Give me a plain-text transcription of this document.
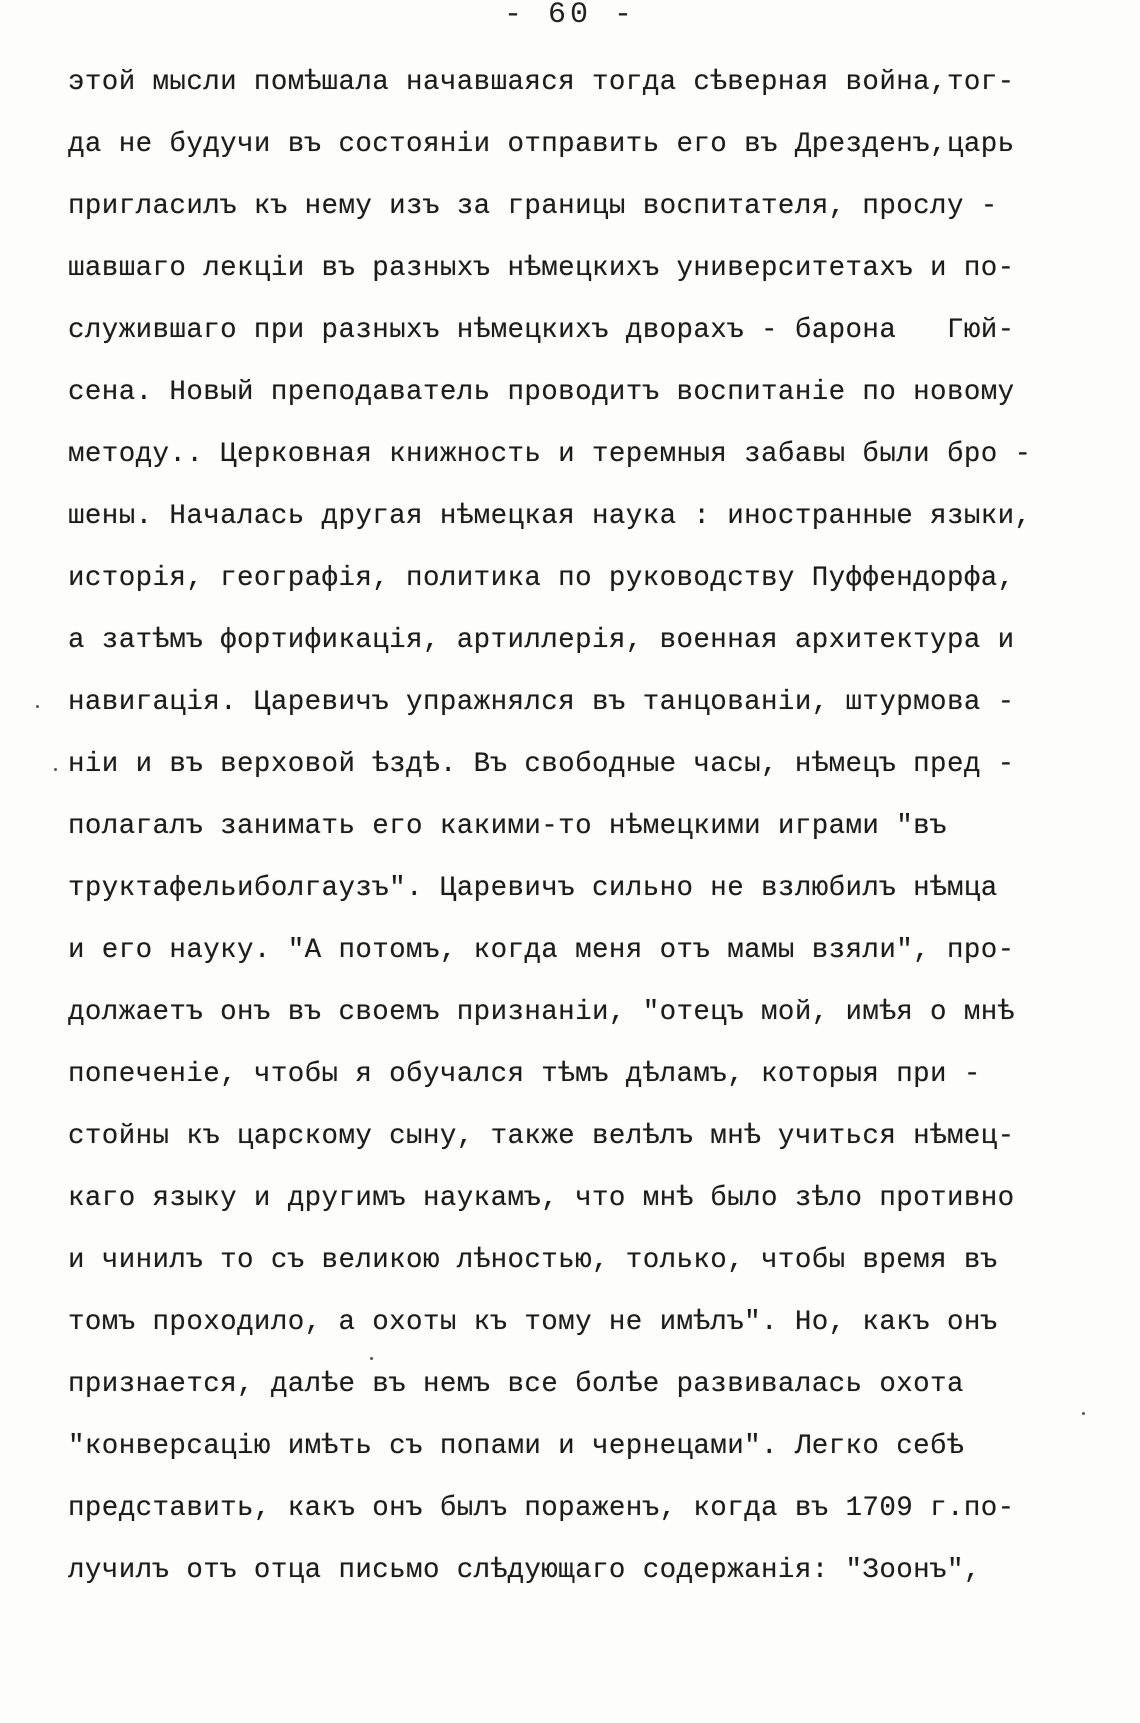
- 60 -
этой мысли помѣшала начавшаяся тогда сѣверная война,тог-
да не будучи въ состояніи отправить его въ Дрезденъ,царь
пригласилъ къ нему изъ за границы воспитателя, прослу -
шавшаго лекціи въ разныхъ нѣмецкихъ университетахъ и по-
служившаго при разныхъ нѣмецкихъ дворахъ - барона   Гюй-
сена. Новый преподаватель проводитъ воспитаніе по новому
методу.. Церковная книжность и теремныя забавы были бро -
шены. Началась другая нѣмецкая наука : иностранные языки,
исторія, географія, политика по руководству Пуффендорфа,
а затѣмъ фортификація, артиллерія, военная архитектура и
навигація. Царевичъ упражнялся въ танцованіи, штурмова -
ніи и въ верховой ѣздѣ. Въ свободные часы, нѣмецъ пред -
полагалъ занимать его какими-то нѣмецкими играми "въ
труктафельиболгаузъ". Царевичъ сильно не взлюбилъ нѣмца
и его науку. "А потомъ, когда меня отъ мамы взяли", про-
должаетъ онъ въ своемъ признаніи, "отецъ мой, имѣя о мнѣ
попеченіе, чтобы я обучался тѣмъ дѣламъ, которыя при -
стойны къ царскому сыну, также велѣлъ мнѣ учиться нѣмец-
каго языку и другимъ наукамъ, что мнѣ было зѣло противно
и чинилъ то съ великою лѣностью, только, чтобы время въ
томъ проходило, а охоты къ тому не имѣлъ". Но, какъ онъ
признается, далѣе въ немъ все болѣе развивалась охота
"конверсацію имѣть съ попами и чернецами". Легко себѣ
представить, какъ онъ былъ пораженъ, когда въ 1709 г.по-
лучилъ отъ отца письмо слѣдующаго содержанія: "Зоонъ",
